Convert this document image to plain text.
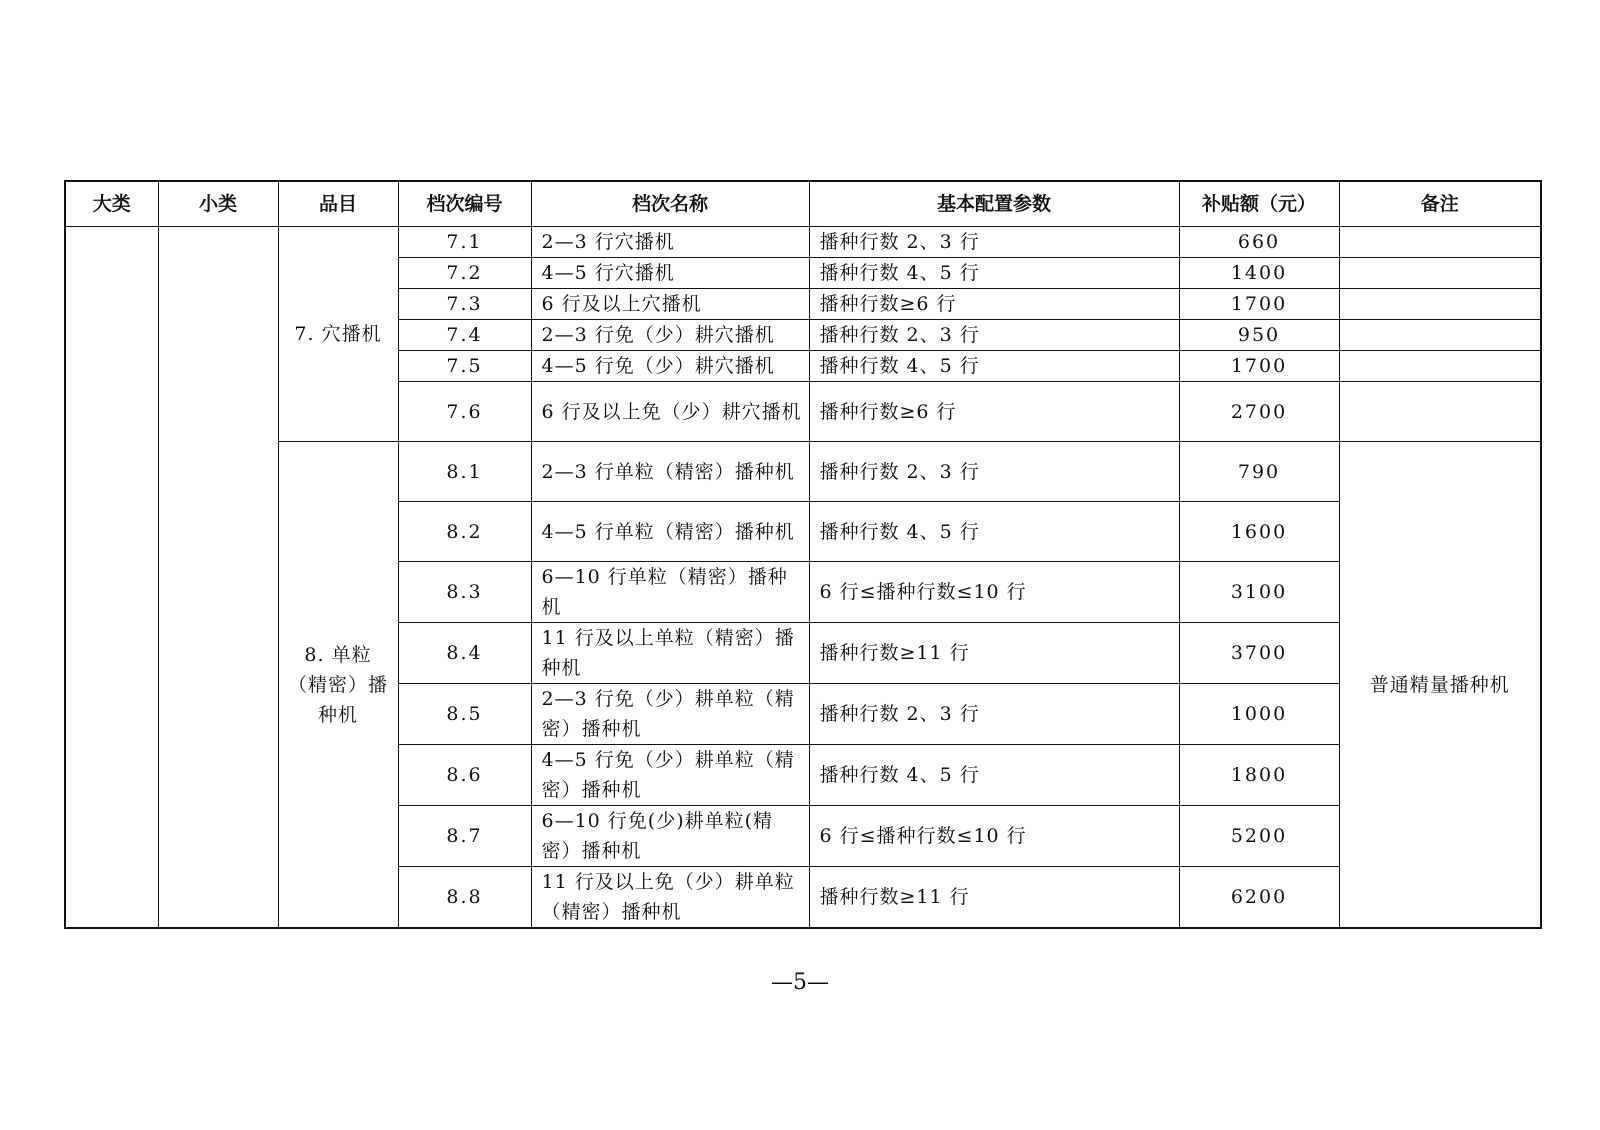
大类	小类	品目	档次编号	档次名称	基本配置参数	补贴额（元）	备注
		7. 穴播机	7.1	2—3 行穴播机	播种行数 2、3 行	660	
			7.2	4—5 行穴播机	播种行数 4、5 行	1400	
			7.3	6 行及以上穴播机	播种行数≥6 行	1700	
			7.4	2—3 行免（少）耕穴播机	播种行数 2、3 行	950	
			7.5	4—5 行免（少）耕穴播机	播种行数 4、5 行	1700	
			7.6	6 行及以上免（少）耕穴播机	播种行数≥6 行	2700	
		8. 单粒（精密）播种机	8.1	2—3 行单粒（精密）播种机	播种行数 2、3 行	790	普通精量播种机
			8.2	4—5 行单粒（精密）播种机	播种行数 4、5 行	1600	
			8.3	6—10 行单粒（精密）播种机	6 行≤播种行数≤10 行	3100	
			8.4	11 行及以上单粒（精密）播种机	播种行数≥11 行	3700	
			8.5	2—3 行免（少）耕单粒（精密）播种机	播种行数 2、3 行	1000	
			8.6	4—5 行免（少）耕单粒（精密）播种机	播种行数 4、5 行	1800	
			8.7	6—10 行免(少)耕单粒(精密）播种机	6 行≤播种行数≤10 行	5200	
			8.8	11 行及以上免（少）耕单粒（精密）播种机	播种行数≥11 行	6200	
—5—
